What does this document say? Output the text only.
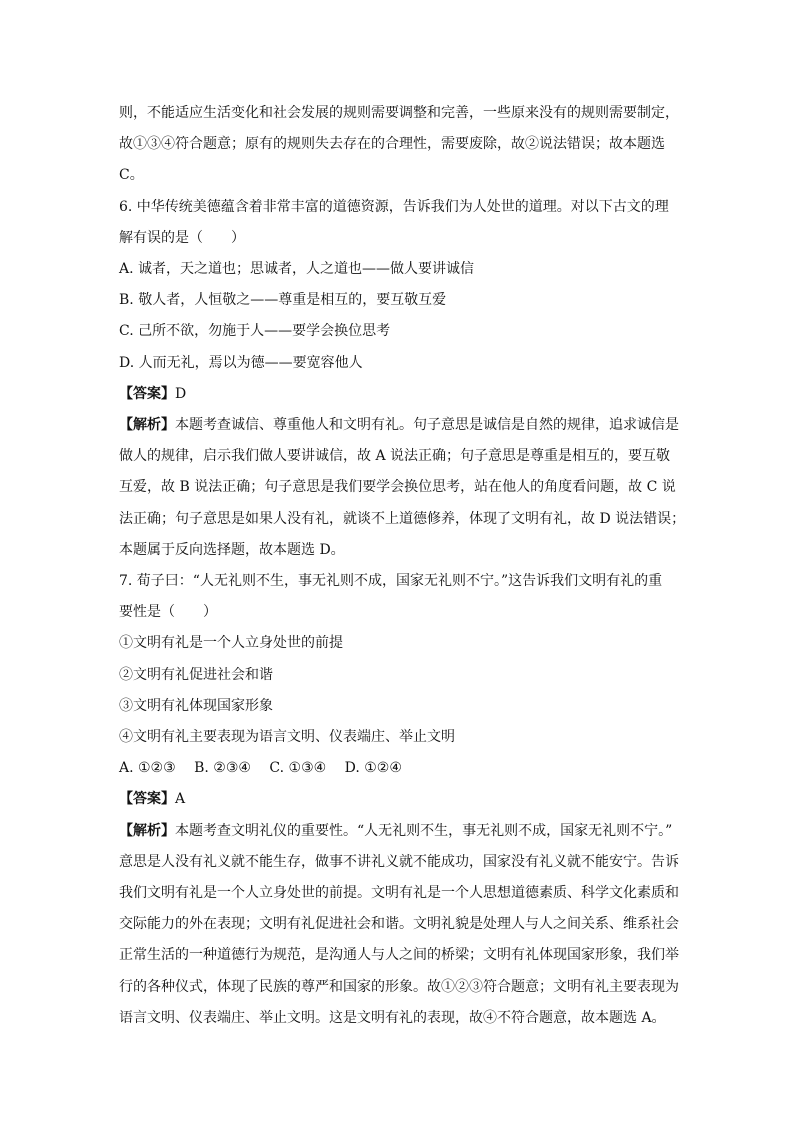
则，不能适应生活变化和社会发展的规则需要调整和完善，一些原来没有的规则需要制定，
故①③④符合题意；原有的规则失去存在的合理性，需要废除，故②说法错误；故本题选
C。
6. 中华传统美德蕴含着非常丰富的道德资源，告诉我们为人处世的道理。对以下古文的理
解有误的是（　　）
A. 诚者，天之道也；思诚者，人之道也——做人要讲诚信
B. 敬人者，人恒敬之——尊重是相互的，要互敬互爱
C. 己所不欲，勿施于人——要学会换位思考
D. 人而无礼，焉以为德——要宽容他人
【答案】D
【解析】本题考查诚信、尊重他人和文明有礼。句子意思是诚信是自然的规律，追求诚信是
做人的规律，启示我们做人要讲诚信，故 A 说法正确；句子意思是尊重是相互的，要互敬
互爱，故 B 说法正确；句子意思是我们要学会换位思考，站在他人的角度看问题，故 C 说
法正确；句子意思是如果人没有礼，就谈不上道德修养，体现了文明有礼，故 D 说法错误；
本题属于反向选择题，故本题选 D。
7. 荀子曰：“人无礼则不生，事无礼则不成，国家无礼则不宁。”这告诉我们文明有礼的重
要性是（　　）
①文明有礼是一个人立身处世的前提
②文明有礼促进社会和谐
③文明有礼体现国家形象
④文明有礼主要表现为语言文明、仪表端庄、举止文明
A. ①②③　 B. ②③④　 C. ①③④　 D. ①②④
【答案】A
【解析】本题考查文明礼仪的重要性。“人无礼则不生，事无礼则不成，国家无礼则不宁。”
意思是人没有礼义就不能生存，做事不讲礼义就不能成功，国家没有礼义就不能安宁。告诉
我们文明有礼是一个人立身处世的前提。文明有礼是一个人思想道德素质、科学文化素质和
交际能力的外在表现；文明有礼促进社会和谐。文明礼貌是处理人与人之间关系、维系社会
正常生活的一种道德行为规范，是沟通人与人之间的桥梁；文明有礼体现国家形象，我们举
行的各种仪式，体现了民族的尊严和国家的形象。故①②③符合题意；文明有礼主要表现为
语言文明、仪表端庄、举止文明。这是文明有礼的表现，故④不符合题意，故本题选 A。
